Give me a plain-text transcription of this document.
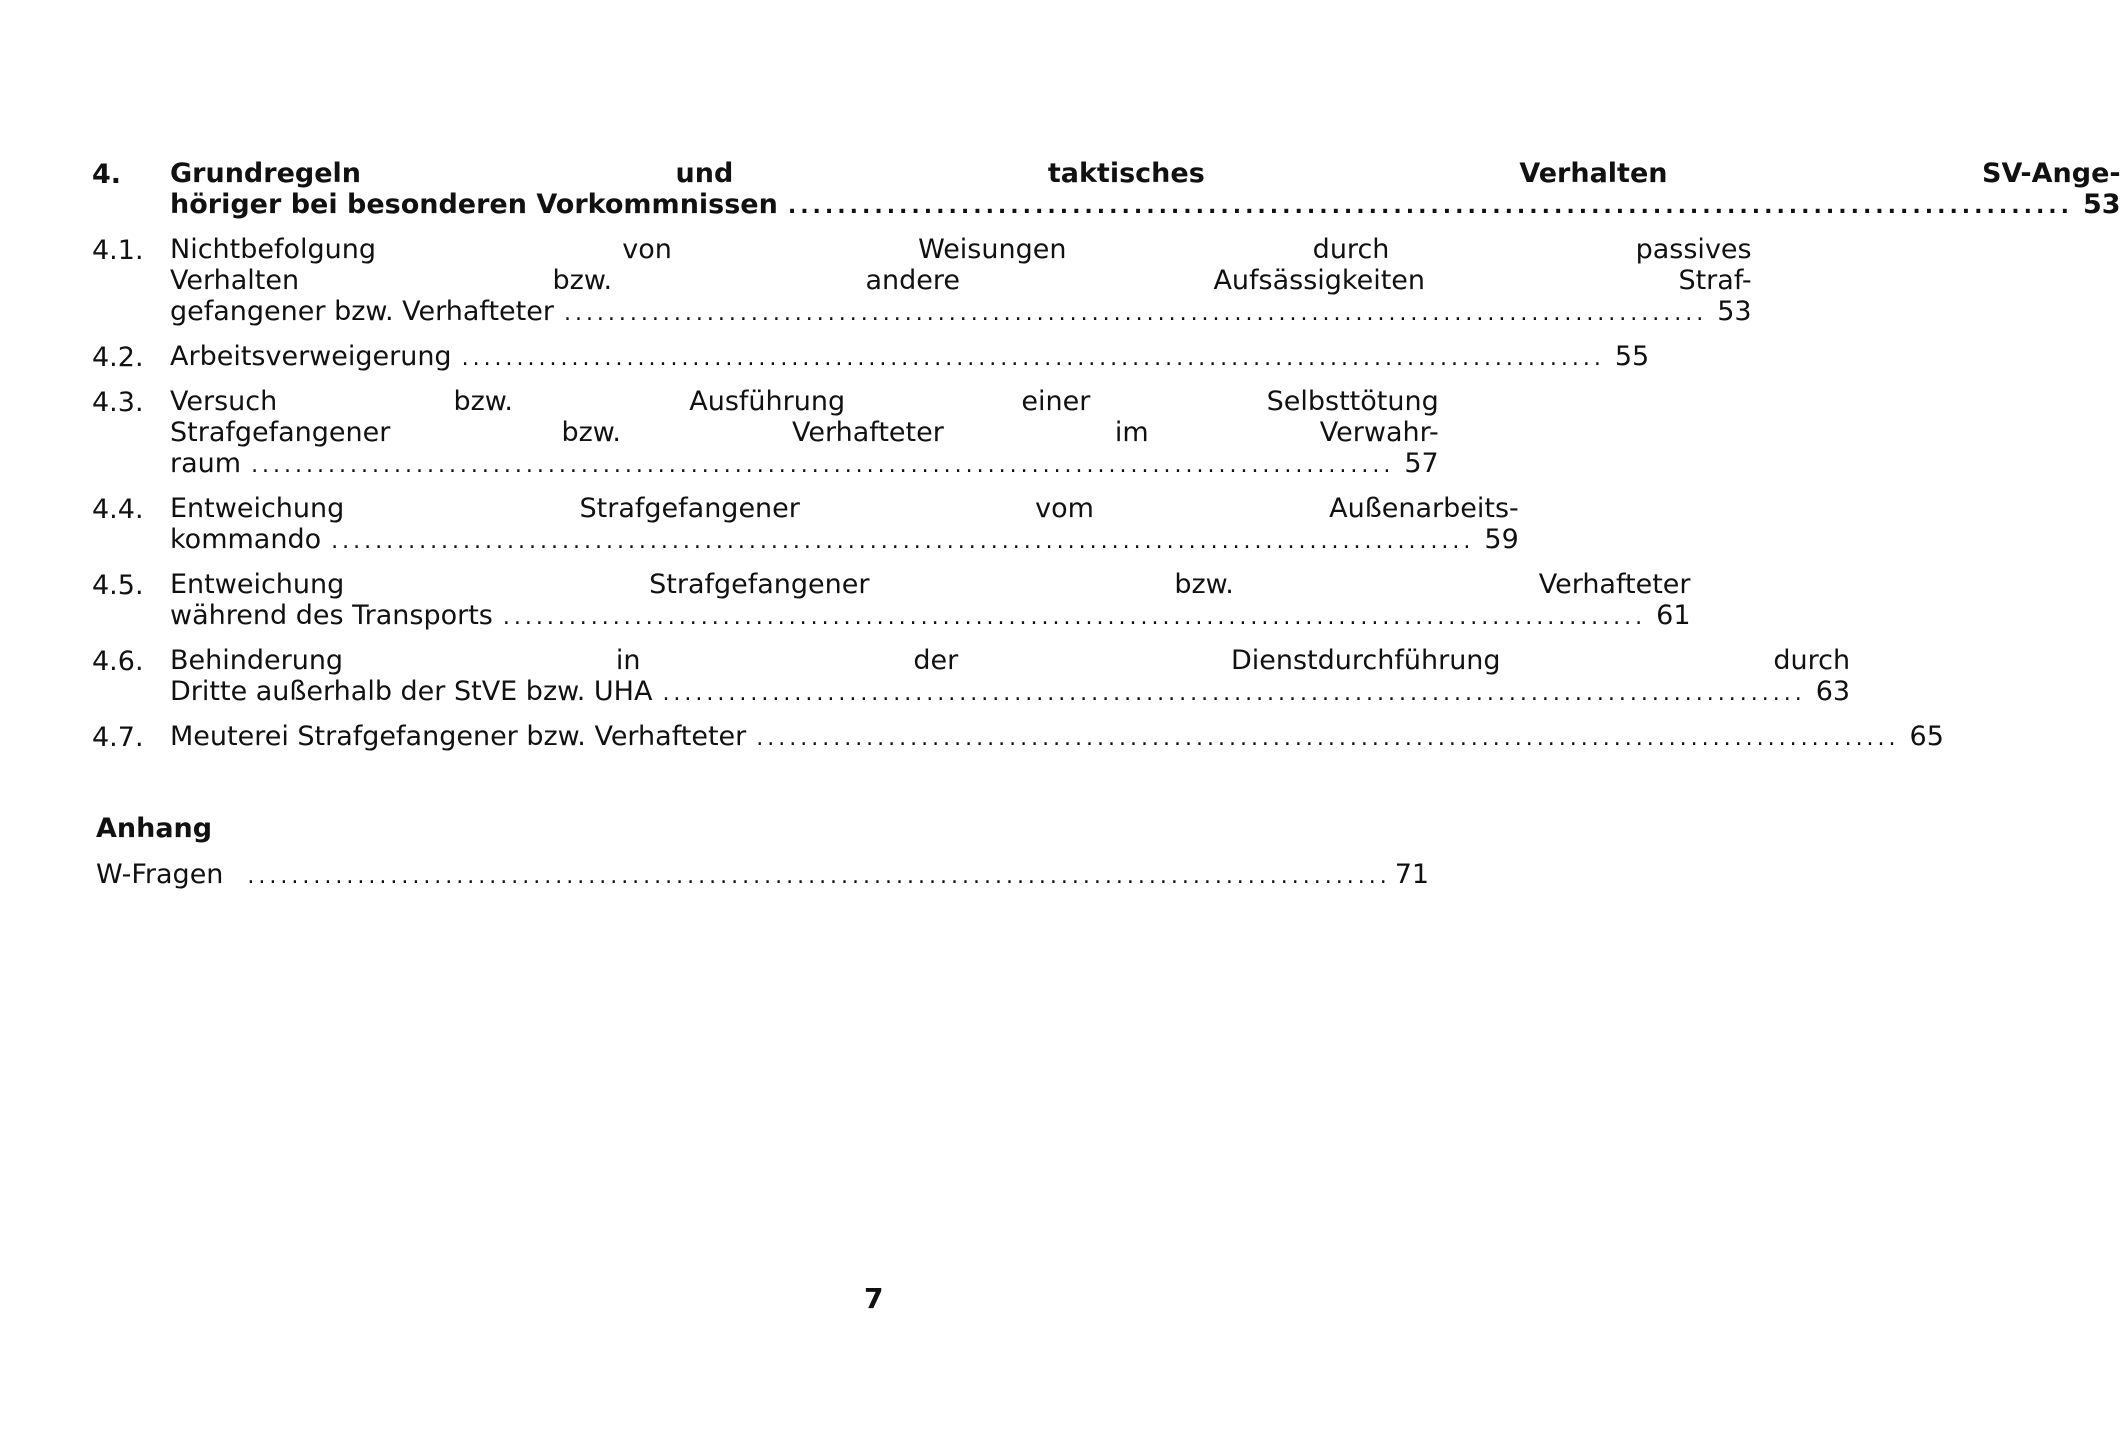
4.	Grundregeln und taktisches Verhalten SV-Ange-
höriger bei besonderen Vorkommnissen .....	53
4.1. Nichtbefolgung von Weisungen durch passives
Verhalten bzw. andere Aufsässigkeiten Straf-
gefangener bzw. Verhafteter .....	53
4.2. Arbeitsverweigerung .....	55
4.3. Versuch bzw. Ausführung einer Selbsttötung
Strafgefangener bzw. Verhafteter im Verwahr-
raum .....	57
4.4. Entweichung Strafgefangener vom Außenarbeits-
kommando .....	59
4.5. Entweichung Strafgefangener bzw. Verhafteter
während des Transports .....	61
4.6. Behinderung in der Dienstdurchführung durch
Dritte außerhalb der StVE bzw. UHA .....	63
4.7. Meuterei Strafgefangener bzw. Verhafteter .....	65
Anhang
W-Fragen .....	71
7
